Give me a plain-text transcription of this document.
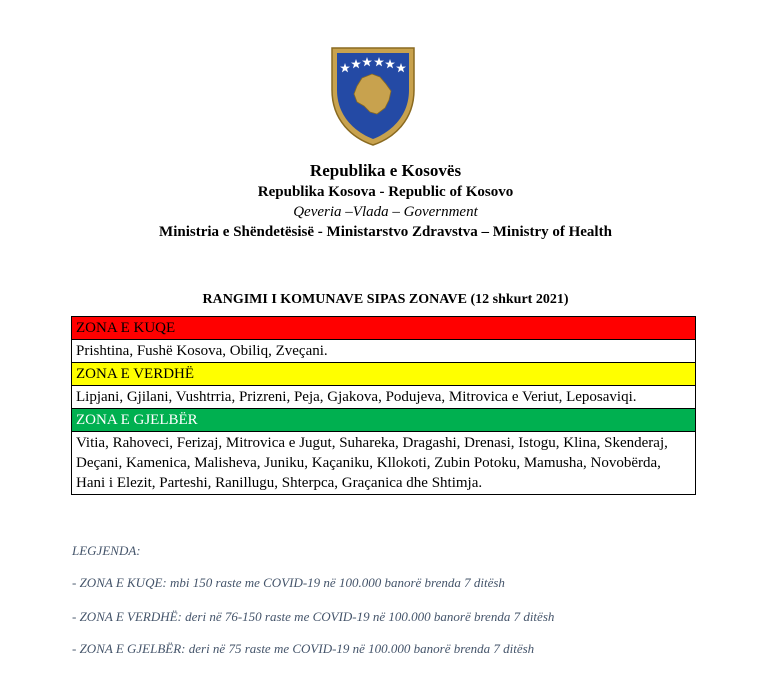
Republika e Kosovës
Republika Kosova - Republic of Kosovo
Qeveria –Vlada – Government
Ministria e Shëndetësisë - Ministarstvo Zdravstva – Ministry of Health
RANGIMI I KOMUNAVE SIPAS ZONAVE (12 shkurt 2021)
ZONA E KUQE
Prishtina, Fushë Kosova, Obiliq, Zveçani.
ZONA E VERDHË
Lipjani, Gjilani, Vushtrria, Prizreni, Peja, Gjakova, Podujeva, Mitrovica e Veriut, Leposaviqi.
ZONA E GJELBËR
Vitia, Rahoveci, Ferizaj, Mitrovica e Jugut, Suhareka, Dragashi, Drenasi, Istogu, Klina, Skenderaj, Deçani, Kamenica, Malisheva, Juniku, Kaçaniku, Kllokoti, Zubin Potoku, Mamusha, Novobërda, Hani i Elezit, Parteshi, Ranillugu, Shterpca, Graçanica dhe Shtimja.
LEGJENDA:
- ZONA E KUQE: mbi 150 raste me COVID-19 në 100.000 banorë brenda 7 ditësh
- ZONA E VERDHË: deri në 76-150 raste me COVID-19 në 100.000 banorë brenda 7 ditësh
- ZONA E GJELBËR: deri në 75 raste me COVID-19 në 100.000 banorë brenda 7 ditësh
